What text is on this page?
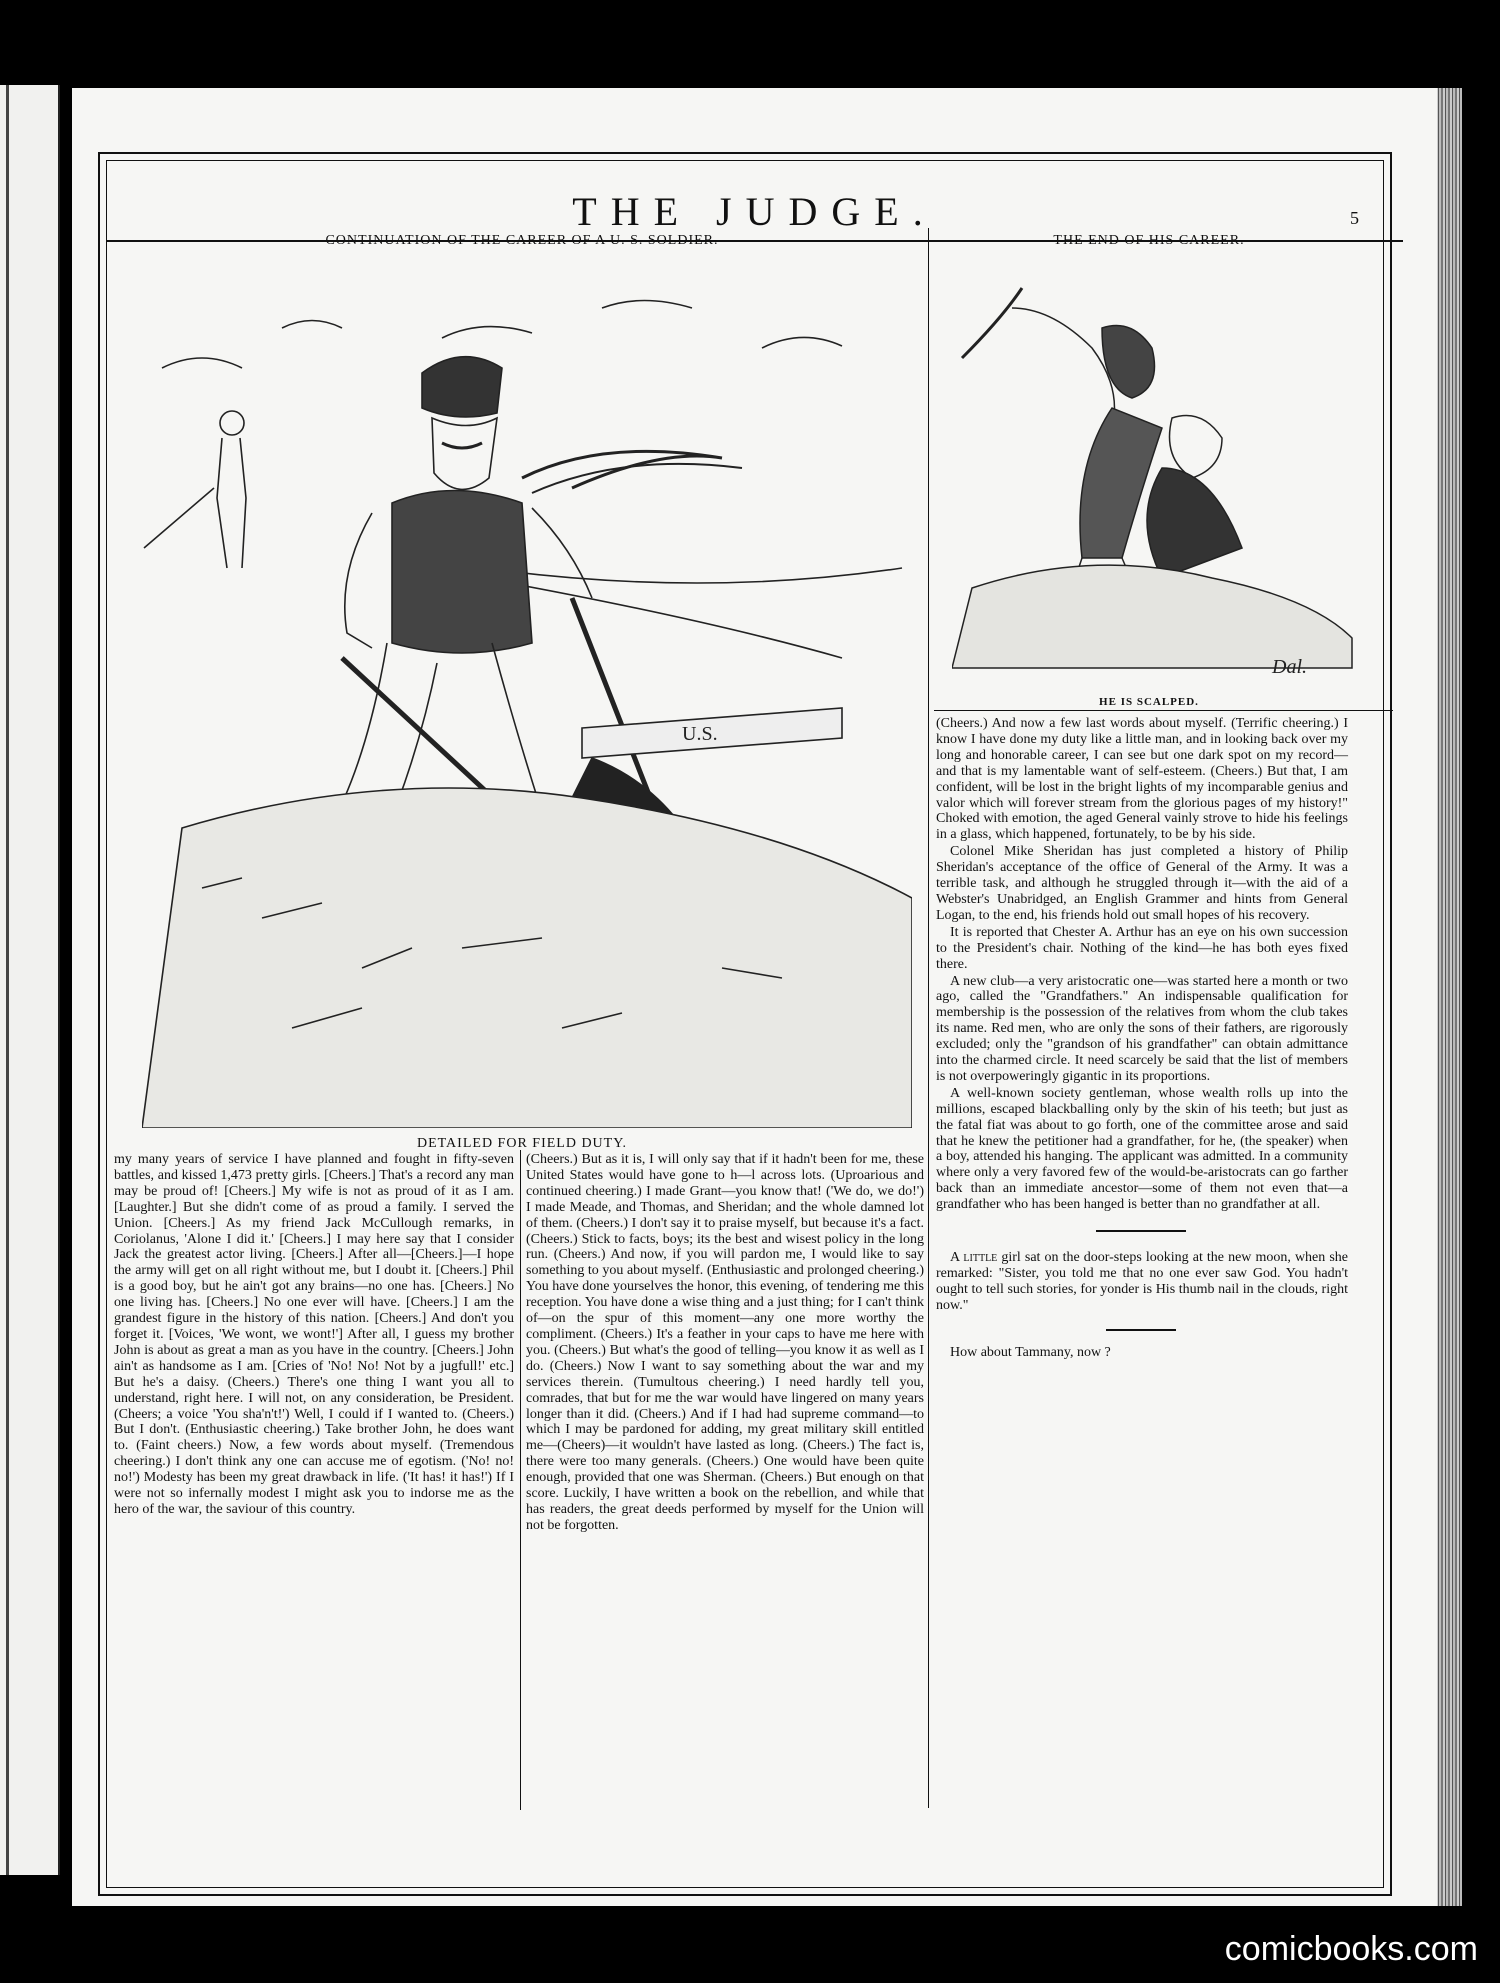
THE JUDGE.	5
CONTINUATION OF THE CAREER OF A U. S. SOLDIER.
U.S.
DETAILED FOR FIELD DUTY.
THE END OF HIS CAREER.
Dal.
HE IS SCALPED.

my many years of service I have planned and fought in fifty-seven battles, and kissed 1,473 pretty girls. [Cheers.] That's a record any man may be proud of! [Cheers.] My wife is not as proud of it as I am. [Laughter.] But she didn't come of as proud a family. I served the Union. [Cheers.] As my friend Jack McCullough remarks, in Coriolanus, 'Alone I did it.' [Cheers.] I may here say that I consider Jack the greatest actor living. [Cheers.] After all—[Cheers.]—I hope the army will get on all right without me, but I doubt it. [Cheers.] Phil is a good boy, but he ain't got any brains—no one has. [Cheers.] No one living has. [Cheers.] No one ever will have. [Cheers.] I am the grandest figure in the history of this nation. [Cheers.] And don't you forget it. [Voices, 'We wont, we wont!'] After all, I guess my brother John is about as great a man as you have in the country. [Cheers.] John ain't as handsome as I am. [Cries of 'No! No! Not by a jugfull!' etc.] But he's a daisy. (Cheers.) There's one thing I want you all to understand, right here. I will not, on any consideration, be President. (Cheers; a voice 'You sha'n't!') Well, I could if I wanted to. (Cheers.) But I don't. (Enthusiastic cheering.) Take brother John, he does want to. (Faint cheers.) Now, a few words about myself. (Tremendous cheering.) I don't think any one can accuse me of egotism. ('No! no! no!') Modesty has been my great drawback in life. ('It has! it has!') If I were not so infernally modest I might ask you to indorse me as the hero of the war, the saviour of this country.

(Cheers.) But as it is, I will only say that if it hadn't been for me, these United States would have gone to h—l across lots. (Uproarious and continued cheering.) I made Grant—you know that! ('We do, we do!') I made Meade, and Thomas, and Sheridan; and the whole damned lot of them. (Cheers.) I don't say it to praise myself, but because it's a fact. (Cheers.) Stick to facts, boys; its the best and wisest policy in the long run. (Cheers.) And now, if you will pardon me, I would like to say something to you about myself. (Enthusiastic and prolonged cheering.) You have done yourselves the honor, this evening, of tendering me this reception. You have done a wise thing and a just thing; for I can't think of—on the spur of this moment—any one more worthy the compliment. (Cheers.) It's a feather in your caps to have me here with you. (Cheers.) But what's the good of telling—you know it as well as I do. (Cheers.) Now I want to say something about the war and my services therein. (Tumultous cheering.) I need hardly tell you, comrades, that but for me the war would have lingered on many years longer than it did. (Cheers.) And if I had had supreme command—to which I may be pardoned for adding, my great military skill entitled me—(Cheers)—it wouldn't have lasted as long. (Cheers.) The fact is, there were too many generals. (Cheers.) One would have been quite enough, provided that one was Sherman. (Cheers.) But enough on that score. Luckily, I have written a book on the rebellion, and while that has readers, the great deeds performed by myself for the Union will not be forgotten.

(Cheers.) And now a few last words about myself. (Terrific cheering.) I know I have done my duty like a little man, and in looking back over my long and honorable career, I can see but one dark spot on my record—and that is my lamentable want of self-esteem. (Cheers.) But that, I am confident, will be lost in the bright lights of my incomparable genius and valor which will forever stream from the glorious pages of my history!" Choked with emotion, the aged General vainly strove to hide his feelings in a glass, which happened, fortunately, to be by his side.

Colonel Mike Sheridan has just completed a history of Philip Sheridan's acceptance of the office of General of the Army. It was a terrible task, and although he struggled through it—with the aid of a Webster's Unabridged, an English Grammer and hints from General Logan, to the end, his friends hold out small hopes of his recovery.

It is reported that Chester A. Arthur has an eye on his own succession to the President's chair. Nothing of the kind—he has both eyes fixed there.

A new club—a very aristocratic one—was started here a month or two ago, called the "Grandfathers." An indispensable qualification for membership is the possession of the relatives from whom the club takes its name. Red men, who are only the sons of their fathers, are rigorously excluded; only the "grandson of his grandfather" can obtain admittance into the charmed circle. It need scarcely be said that the list of members is not overpoweringly gigantic in its proportions.

A well-known society gentleman, whose wealth rolls up into the millions, escaped blackballing only by the skin of his teeth; but just as the fatal fiat was about to go forth, one of the committee arose and said that he knew the petitioner had a grandfather, for he, (the speaker) when a boy, attended his hanging. The applicant was admitted. In a community where only a very favored few of the would-be-aristocrats can go farther back than an immediate ancestor—some of them not even that—a grandfather who has been hanged is better than no grandfather at all.

A little girl sat on the door-steps looking at the new moon, when she remarked: "Sister, you told me that no one ever saw God. You hadn't ought to tell such stories, for yonder is His thumb nail in the clouds, right now."

How about Tammany, now ?

comicbooks.com
